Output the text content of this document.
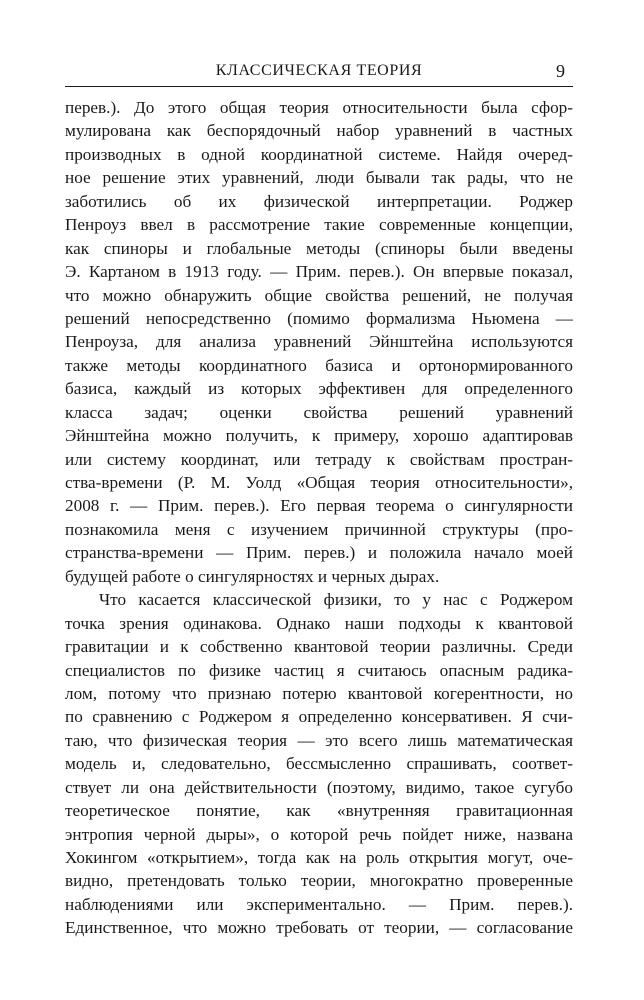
КЛАССИЧЕСКАЯ ТЕОРИЯ	9
перев.). До этого общая теория относительности была сфор-
мулирована как беспорядочный набор уравнений в частных
производных в одной координатной системе. Найдя очеред-
ное решение этих уравнений, люди бывали так рады, что не
заботились об их физической интерпретации. Роджер
Пенроуз ввел в рассмотрение такие современные концепции,
как спиноры и глобальные методы (спиноры были введены
Э. Картаном в 1913 году. — Прим. перев.). Он впервые показал,
что можно обнаружить общие свойства решений, не получая
решений непосредственно (помимо формализма Ньюмена —
Пенроуза, для анализа уравнений Эйнштейна используются
также методы координатного базиса и ортонормированного
базиса, каждый из которых эффективен для определенного
класса задач; оценки свойства решений уравнений
Эйнштейна можно получить, к примеру, хорошо адаптировав
или систему координат, или тетраду к свойствам простран-
ства-времени (Р. М. Уолд «Общая теория относительности»,
2008 г. — Прим. перев.). Его первая теорема о сингулярности
познакомила меня с изучением причинной структуры (про-
странства-времени — Прим. перев.) и положила начало моей
будущей работе о сингулярностях и черных дырах.
Что касается классической физики, то у нас с Роджером
точка зрения одинакова. Однако наши подходы к квантовой
гравитации и к собственно квантовой теории различны. Среди
специалистов по физике частиц я считаюсь опасным радика-
лом, потому что признаю потерю квантовой когерентности, но
по сравнению с Роджером я определенно консервативен. Я счи-
таю, что физическая теория — это всего лишь математическая
модель и, следовательно, бессмысленно спрашивать, соответ-
ствует ли она действительности (поэтому, видимо, такое сугубо
теоретическое понятие, как «внутренняя гравитационная
энтропия черной дыры», о которой речь пойдет ниже, названа
Хокингом «открытием», тогда как на роль открытия могут, оче-
видно, претендовать только теории, многократно проверенные
наблюдениями или экспериментально. — Прим. перев.).
Единственное, что можно требовать от теории, — согласование
